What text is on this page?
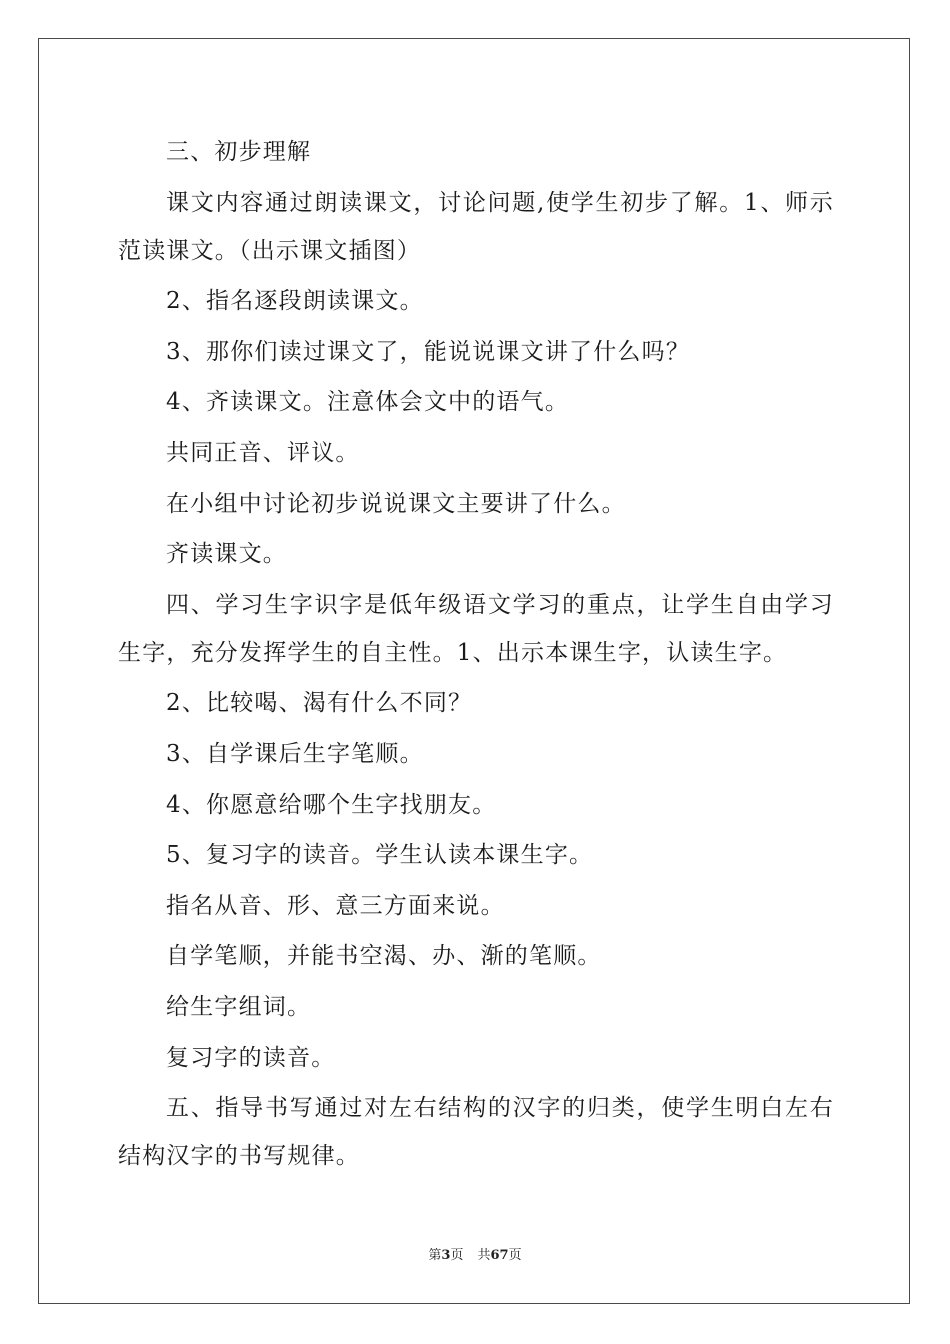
三、初步理解

课文内容通过朗读课文，讨论问题,使学生初步了解。1、师示范读课文。（出示课文插图）

2、指名逐段朗读课文。

3、那你们读过课文了，能说说课文讲了什么吗？

4、齐读课文。注意体会文中的语气。

共同正音、评议。

在小组中讨论初步说说课文主要讲了什么。

齐读课文。

四、学习生字识字是低年级语文学习的重点，让学生自由学习生字，充分发挥学生的自主性。1、出示本课生字，认读生字。

2、比较喝、渴有什么不同？

3、自学课后生字笔顺。

4、你愿意给哪个生字找朋友。

5、复习字的读音。学生认读本课生字。

指名从音、形、意三方面来说。

自学笔顺，并能书空渴、办、渐的笔顺。

给生字组词。

复习字的读音。

五、指导书写通过对左右结构的汉字的归类，使学生明白左右结构汉字的书写规律。

第3页 共67页
